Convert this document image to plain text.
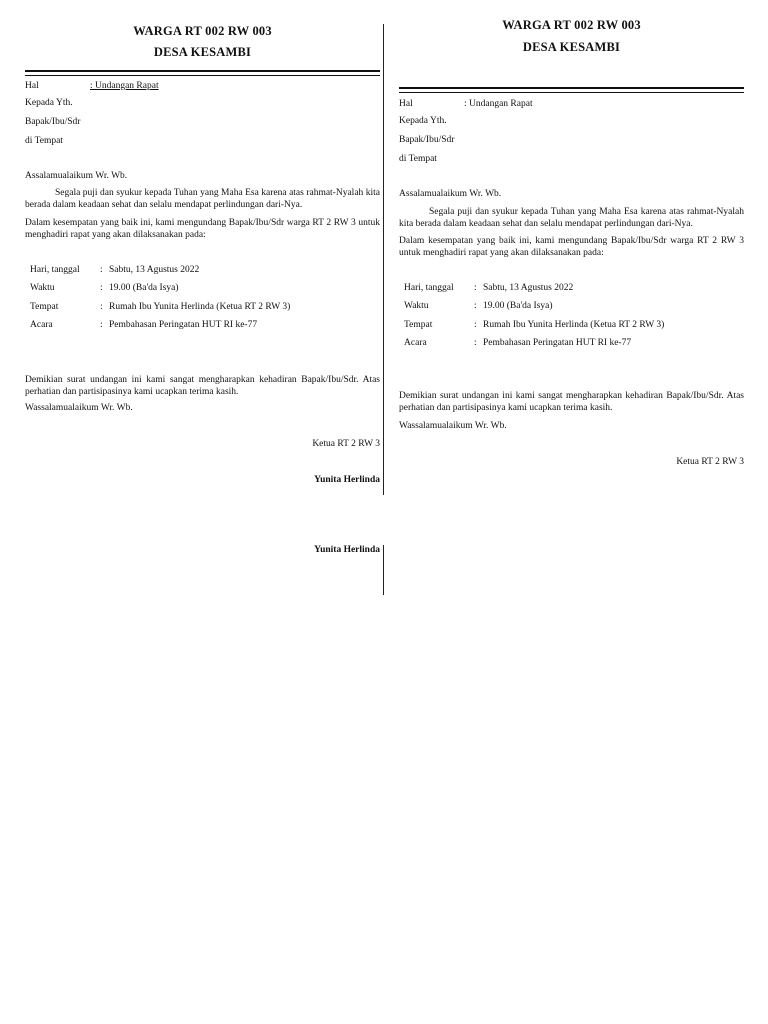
WARGA RT 002 RW 003
DESA KESAMBI
Hal	: Undangan Rapat
Kepada Yth.
Bapak/Ibu/Sdr
di Tempat
Assalamualaikum Wr. Wb.
Segala puji dan syukur kepada Tuhan yang Maha Esa karena atas rahmat-Nyalah kita berada dalam keadaan sehat dan selalu mendapat perlindungan dari-Nya.
Dalam kesempatan yang baik ini, kami mengundang Bapak/Ibu/Sdr warga RT 2 RW 3 untuk menghadiri rapat yang akan dilaksanakan pada:
Hari, tanggal : Sabtu, 13 Agustus 2022
Waktu	: 19.00 (Ba'da Isya)
Tempat	: Rumah Ibu Yunita Herlinda (Ketua RT 2 RW 3)
Acara	: Pembahasan Peringatan HUT RI ke-77
Demikian surat undangan ini kami sangat mengharapkan kehadiran Bapak/Ibu/Sdr. Atas perhatian dan partisipasinya kami ucapkan terima kasih.
Wassalamualaikum Wr. Wb.
Ketua RT 2 RW 3
Yunita Herlinda
Yunita Herlinda
WARGA RT 002 RW 003
DESA KESAMBI
Hal	: Undangan Rapat
Kepada Yth.
Bapak/Ibu/Sdr
di Tempat
Assalamualaikum Wr. Wb.
Segala puji dan syukur kepada Tuhan yang Maha Esa karena atas rahmat-Nyalah kita berada dalam keadaan sehat dan selalu mendapat perlindungan dari-Nya.
Dalam kesempatan yang baik ini, kami mengundang Bapak/Ibu/Sdr warga RT 2 RW 3 untuk menghadiri rapat yang akan dilaksanakan pada:
Hari, tanggal : Sabtu, 13 Agustus 2022
Waktu	: 19.00 (Ba'da Isya)
Tempat	: Rumah Ibu Yunita Herlinda (Ketua RT 2 RW 3)
Acara	: Pembahasan Peringatan HUT RI ke-77
Demikian surat undangan ini kami sangat mengharapkan kehadiran Bapak/Ibu/Sdr. Atas perhatian dan partisipasinya kami ucapkan terima kasih.
Wassalamualaikum Wr. Wb.
Ketua RT 2 RW 3
